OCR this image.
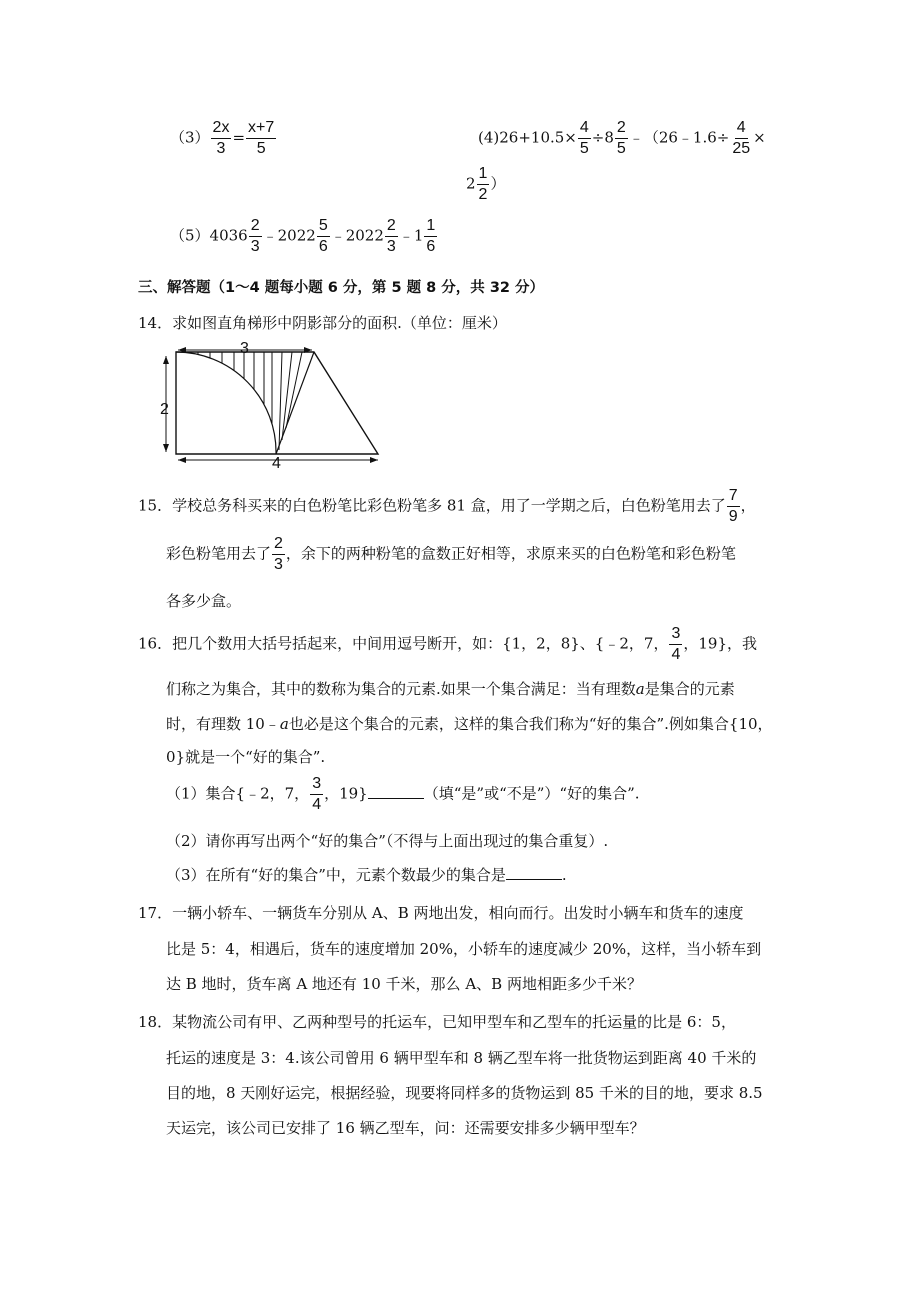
$(3) \frac{2x}{3} = \frac{x+7}{5}$	$(4)26+10.5\times \frac{4}{5} \div 8 \frac{2}{5}$ ﹣（26﹣1.6÷ $\frac{4}{25}$ ×
$2 \frac{1}{2}$ ）
$(5)4036 \frac{2}{3}$ ﹣2022 $\frac{5}{6}$ ﹣2022 $\frac{2}{3}$ ﹣1 $\frac{1}{6}$
三、解答题（1～4 题每小题 6 分，第 5 题 8 分，共 32 分）
14．求如图直角梯形中阴影部分的面积.（单位：厘米）
3
2
4
15．学校总务科买来的白色粉笔比彩色粉笔多 81 盒，用了一学期之后，白色粉笔用去了 $\frac{7}{9}$ ，
彩色粉笔用去了 $\frac{2}{3}$ ，余下的两种粉笔的盒数正好相等，求原来买的白色粉笔和彩色粉笔
各多少盒。
16．把几个数用大括号括起来，中间用逗号断开，如：{1，2，8}、{﹣2，7， $\frac{3}{4}$ ，19}，我
们称之为集合，其中的数称为集合的元素.如果一个集合满足：当有理数a是集合的元素
时，有理数 10﹣a也必是这个集合的元素，这样的集合我们称为“好的集合”.例如集合{10，
0}就是一个“好的集合”.
（1）集合{﹣2，7， $\frac{3}{4}$ ，19}	（填“是”或“不是”）“好的集合”.
（2）请你再写出两个“好的集合”（不得与上面出现过的集合重复）.
（3）在所有“好的集合”中，元素个数最少的集合是	.
17．一辆小轿车、一辆货车分别从 A、B 两地出发，相向而行。出发时小辆车和货车的速度
比是 5：4，相遇后，货车的速度增加 20%，小轿车的速度减少 20%，这样，当小轿车到
达 B 地时，货车离 A 地还有 10 千米，那么 A、B 两地相距多少千米？
18．某物流公司有甲、乙两种型号的托运车，已知甲型车和乙型车的托运量的比是 6：5，
托运的速度是 3：4.该公司曾用 6 辆甲型车和 8 辆乙型车将一批货物运到距离 40 千米的
目的地，8 天刚好运完，根据经验，现要将同样多的货物运到 85 千米的目的地，要求 8.5
天运完，该公司已安排了 16 辆乙型车，问：还需要安排多少辆甲型车？
